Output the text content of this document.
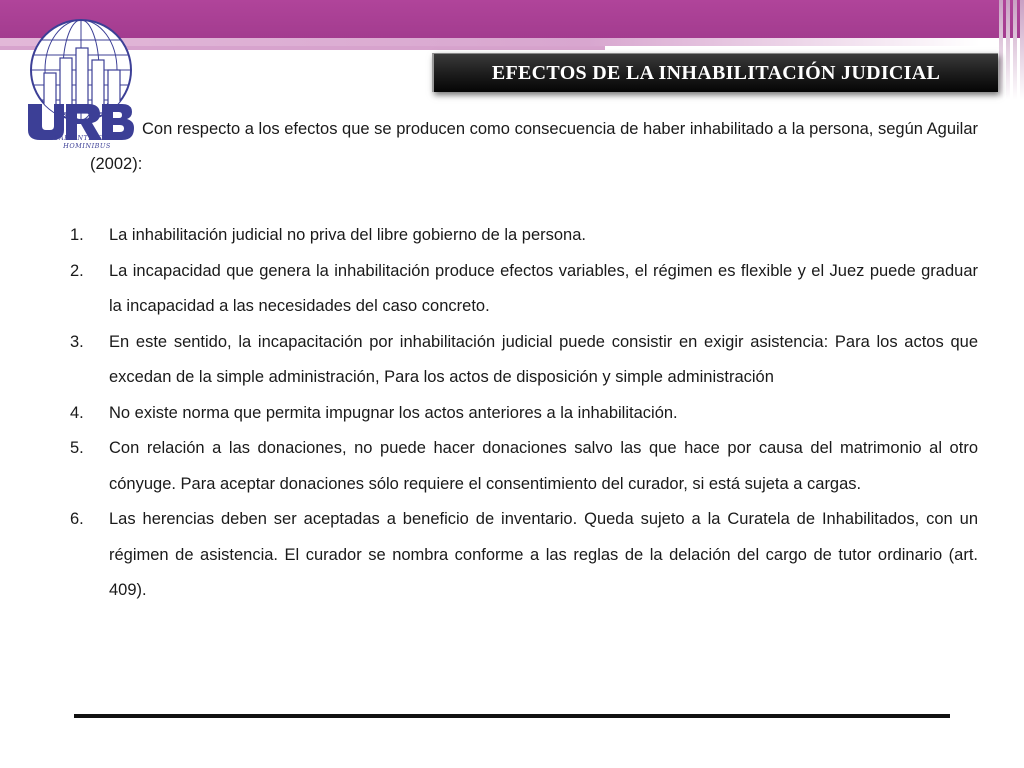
SAPIENTIUS EST HOMINIBUS
EFECTOS DE LA INHABILITACIÓN JUDICIAL
Con respecto a los efectos que se producen como consecuencia de haber inhabilitado a la persona, según Aguilar (2002):
1.	La inhabilitación judicial no priva del libre gobierno de la persona.
2.	La incapacidad que genera la inhabilitación produce efectos variables, el régimen es flexible y el Juez puede graduar la incapacidad a las necesidades del caso concreto.
3.	En este sentido, la incapacitación por inhabilitación judicial puede consistir en exigir asistencia: Para los actos que excedan de la simple administración, Para los actos de disposición y simple administración
4.	No existe norma que permita impugnar los actos anteriores a la inhabilitación.
5.	Con relación a las donaciones, no puede hacer donaciones salvo las que hace por causa del matrimonio al otro cónyuge. Para aceptar donaciones sólo requiere el consentimiento del curador, si está sujeta a cargas.
6.	Las herencias deben ser aceptadas a beneficio de inventario. Queda sujeto a la Curatela de Inhabilitados, con un régimen de asistencia. El curador se nombra conforme a las reglas de la delación del cargo de tutor ordinario (art. 409).
